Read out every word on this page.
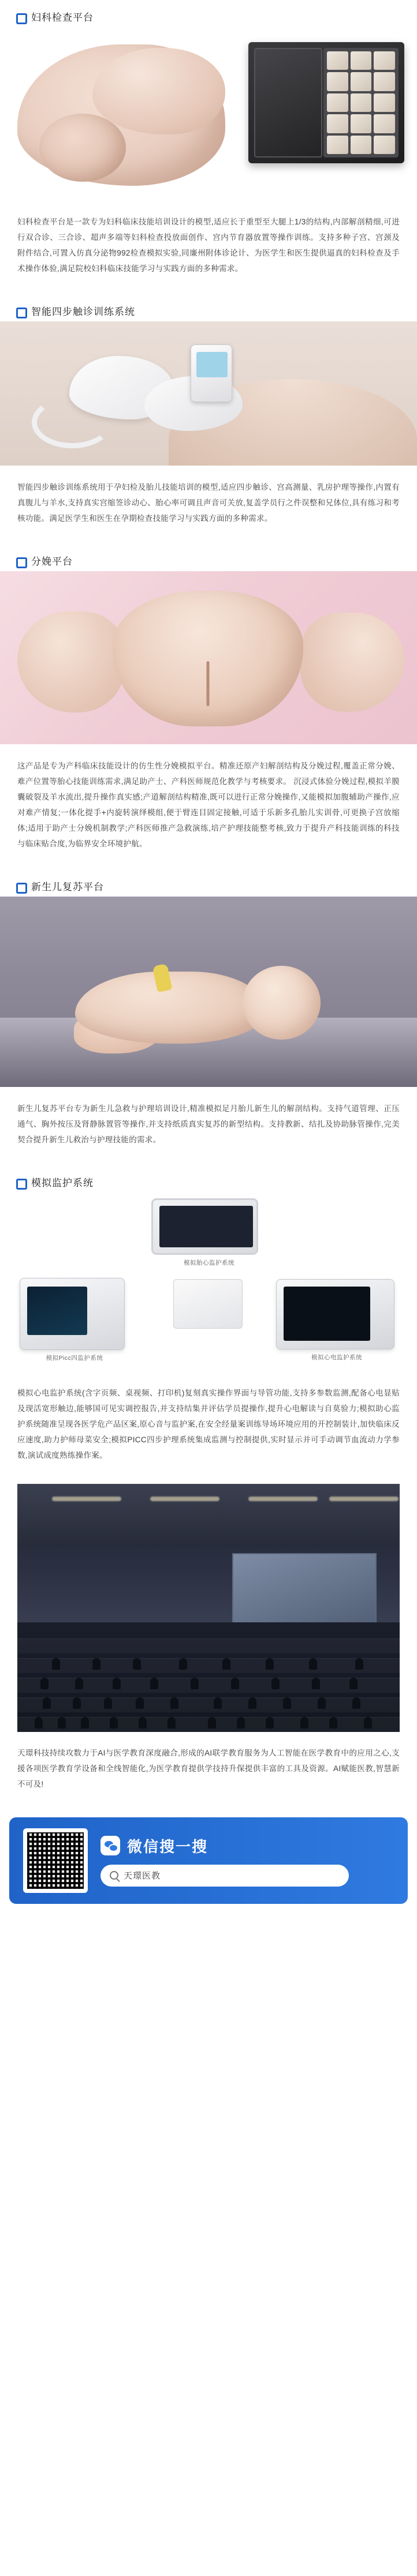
妇科检查平台

妇科检查平台是一款专为妇科临床技能培训设计的模型,适应长于重型至大腿上1/3的结构,内部解剖精细,可进行双合诊、三合诊、超声多端等妇科检查投放面创作、宫内节育器放置等操作训练。支持多种子宫、宫颈及附件结合,可置入仿真分泌物992检查模拟实验,同廉州附体诊论计、为医学生和医生提供逼真的妇科检查及手术操作体验,满足院校妇科临床技能学习与实践方面的多种需求。

智能四步触诊训练系统

智能四步触诊训练系统用于孕妇检及胎儿技能培训的模型,适应四步触诊、宫高测量、乳房护理等操作,内置有真腹儿与羊水,支持真实宫缩签诊动心、胎心率可调且声音可关放,复盖学员行之件误整和兄体位,具有练习和考核功能。满足医学生和医生在孕期检查技能学习与实践方面的多种需求。

分娩平台

这产品是专为产科临床技能设计的仿生性分娩模拟平台。精准还原产妇解剖结构及分娩过程,覆盖正常分娩、难产位置等胎心技能训练需求,满足助产士、产科医师规范化教学与考核要求。 沉浸式体验分娩过程,模拟羊膜囊破裂及羊水流出,提升操作真实感;产道解剖结构精准,既可以进行正常分娩操作,又能模拟加腹辅助产操作,应对难产情复;一体化提手+内旋转演绎模组,便于臂连目固定接触,可适于乐新多孔胎儿实训骨,可更换子宫放缩体;适用于助产士分娩机制教学;产科医师推产急救演练,培产护理技能整考核,致力于提升产科技能训练的科技与临床贴合度,为临界安全环境护航。

新生儿复苏平台

新生儿复苏平台专为新生儿急救与护理培训设计,精准模拟足月胎儿新生儿的解剖结构。支持气道管理、正压通气、胸外按压及肾静脉置管等操作,并支持纸质真实复苏的新型结构。支持教新、结扎及协助脉管操作,完美契合提升新生儿救治与护理技能的需求。

模拟监护系统
模拟胎心监护系统
模拟Picc四监护系统	模拟心电监护系统

模拟心电监护系统(含字页频、桌视频、打印机)复刻真实操作界面与导管功能,支持多参数监测,配备心电显贴及现活宽形触边,能够国可见实调控报告,并支持结集并评估学员提操作,提升心电解读与自莫验力;模拟助心监护系统随准呈现各医学危产品区案,原心音与监护案,在安全经量案训练导场环境应用的开控制装计,加快临床反应速度,助力护师母菜安全;模拟PICC四步护理系统集成监测与控制提供,实时显示并可手动调节血流动力学参数,演试成度熟练操作案。

天璟科技持续攻数力于AI与医学教育深度融合,形成的AI联学教育服务为人工智能在医学教育中的应用之心,支援各项医学教育学设备和全线智能化,为医学教育提供学技持升保提供丰富的工具及资源。AI赋能医教,智慧新不可及!

微信搜一搜
天璟医教
